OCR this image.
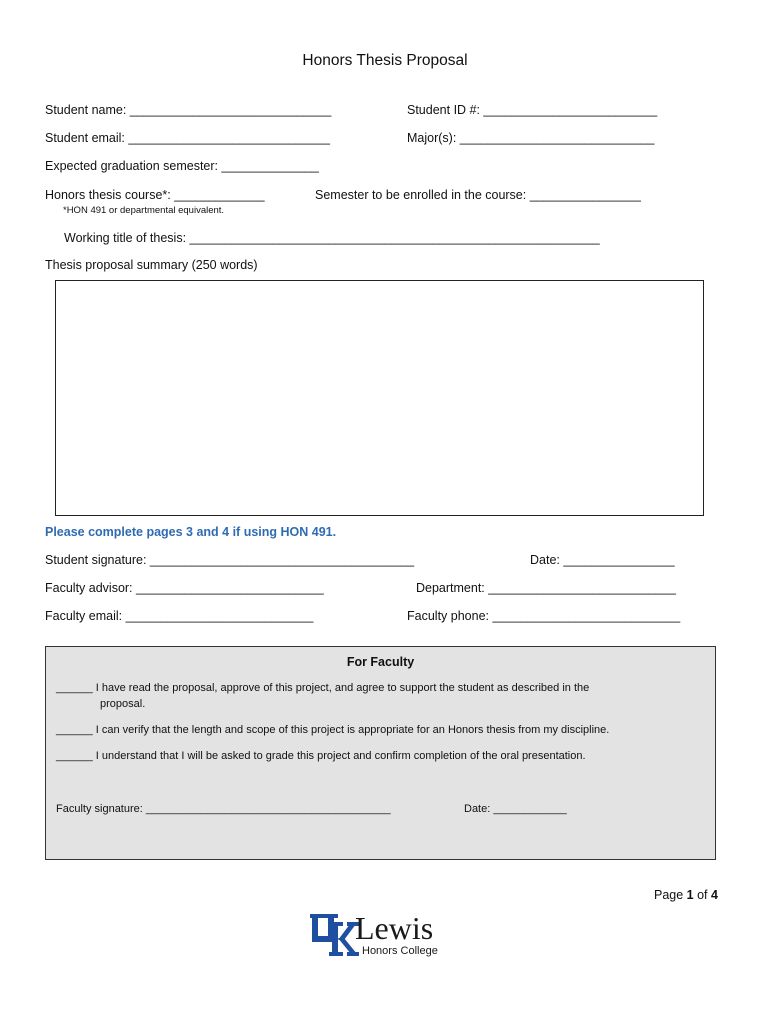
Honors Thesis Proposal
Student name: _____________________________	Student ID #: _________________________
Student email: _____________________________	Major(s): ____________________________
Expected graduation semester: ______________
Honors thesis course*: _____________	Semester to be enrolled in the course: ________________
*HON 491 or departmental equivalent.
Working title of thesis: ___________________________________________________________
Thesis proposal summary (250 words)
Please complete pages 3 and 4 if using HON 491.
Student signature: ______________________________________	Date: ________________
Faculty advisor: ___________________________	Department: ___________________________
Faculty email: ___________________________	Faculty phone: ___________________________
For Faculty
______ I have read the proposal, approve of this project, and agree to support the student as described in the
proposal.
______ I can verify that the length and scope of this project is appropriate for an Honors thesis from my discipline.
______ I understand that I will be asked to grade this project and confirm completion of the oral presentation.
Faculty signature: ________________________________________	Date: ____________
Page 1 of 4
Lewis
Honors College
